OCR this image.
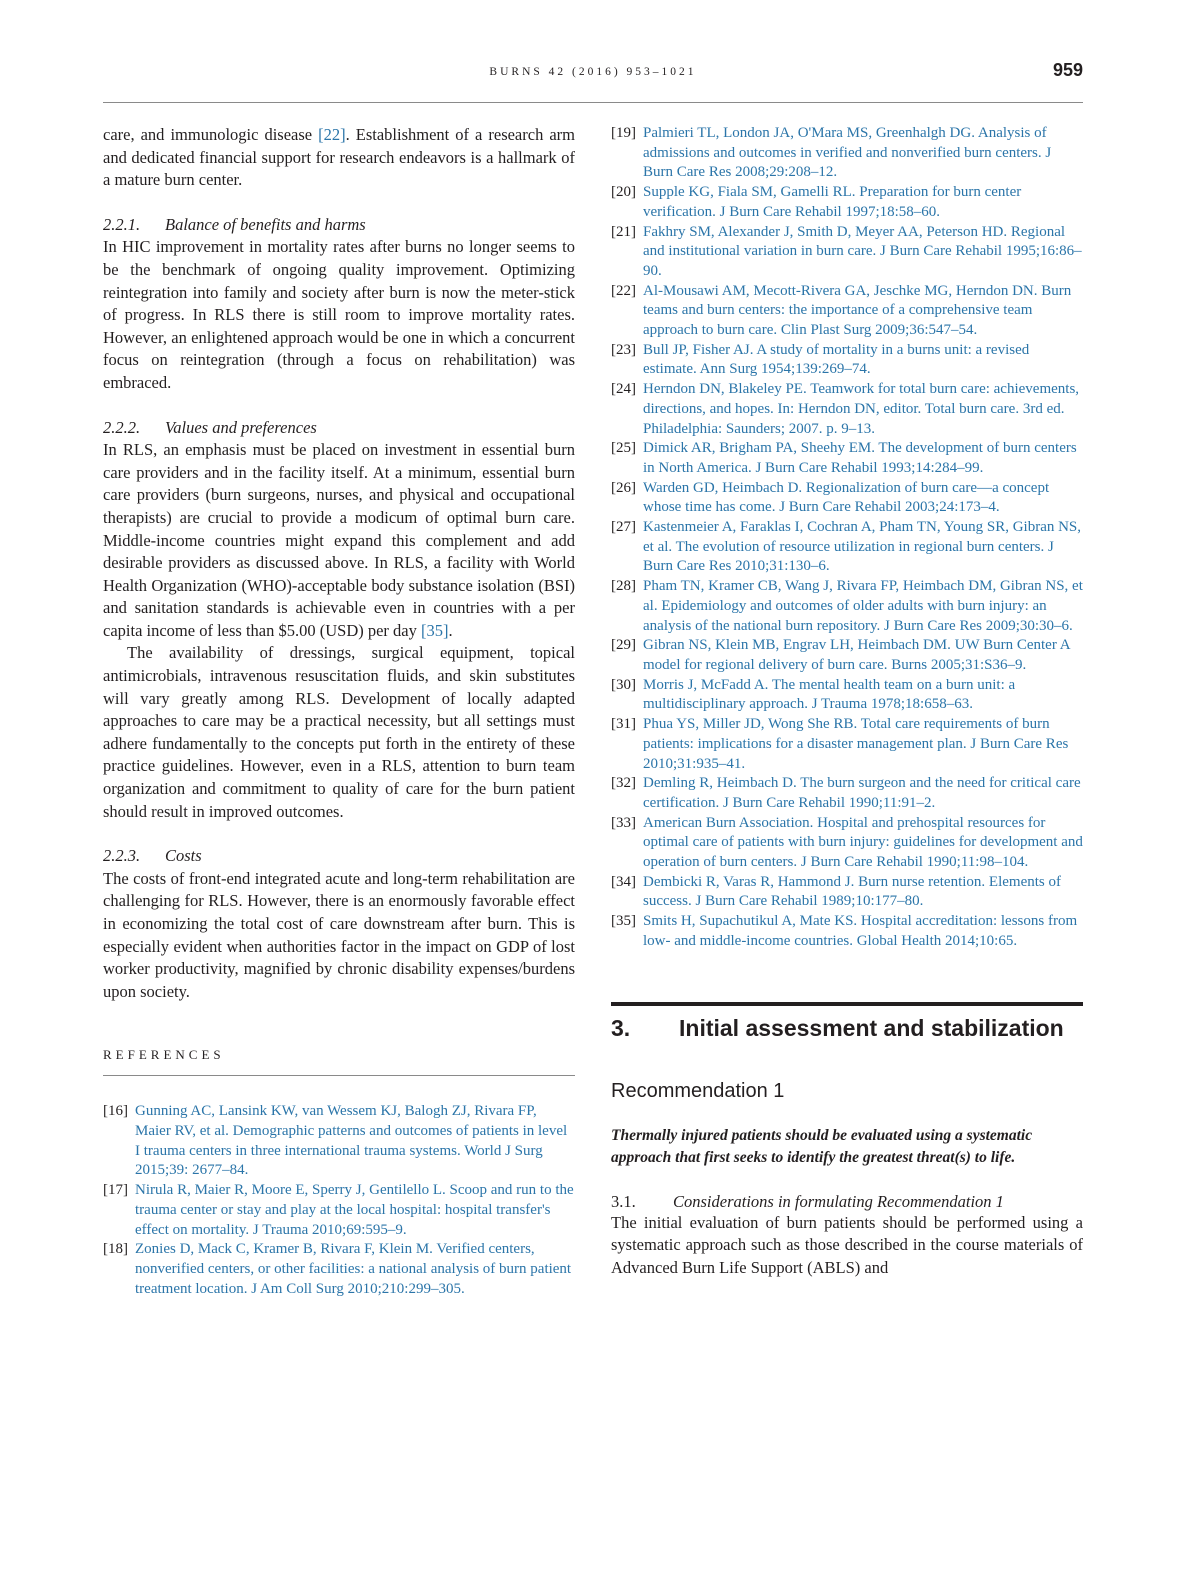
BURNS 42 (2016) 953–1021	959

care, and immunologic disease [22]. Establishment of a research arm and dedicated financial support for research endeavors is a hallmark of a mature burn center.

2.2.1. Balance of benefits and harms

In HIC improvement in mortality rates after burns no longer seems to be the benchmark of ongoing quality improvement. Optimizing reintegration into family and society after burn is now the meter-stick of progress. In RLS there is still room to improve mortality rates. However, an enlightened approach would be one in which a concurrent focus on reintegration (through a focus on rehabilitation) was embraced.

2.2.2. Values and preferences

In RLS, an emphasis must be placed on investment in essential burn care providers and in the facility itself. At a minimum, essential burn care providers (burn surgeons, nurses, and physical and occupational therapists) are crucial to provide a modicum of optimal burn care. Middle-income countries might expand this complement and add desirable providers as discussed above. In RLS, a facility with World Health Organization (WHO)-acceptable body substance isolation (BSI) and sanitation standards is achievable even in countries with a per capita income of less than $5.00 (USD) per day [35].

The availability of dressings, surgical equipment, topical antimicrobials, intravenous resuscitation fluids, and skin substitutes will vary greatly among RLS. Development of locally adapted approaches to care may be a practical necessity, but all settings must adhere fundamentally to the concepts put forth in the entirety of these practice guidelines. However, even in a RLS, attention to burn team organization and commitment to quality of care for the burn patient should result in improved outcomes.

2.2.3. Costs

The costs of front-end integrated acute and long-term rehabilitation are challenging for RLS. However, there is an enormously favorable effect in economizing the total cost of care downstream after burn. This is especially evident when authorities factor in the impact on GDP of lost worker productivity, magnified by chronic disability expenses/burdens upon society.

REFERENCES
[16] Gunning AC, Lansink KW, van Wessem KJ, Balogh ZJ, Rivara FP, Maier RV, et al. Demographic patterns and outcomes of patients in level I trauma centers in three international trauma systems. World J Surg 2015;39: 2677–84.
[17] Nirula R, Maier R, Moore E, Sperry J, Gentilello L. Scoop and run to the trauma center or stay and play at the local hospital: hospital transfer's effect on mortality. J Trauma 2010;69:595–9.
[18] Zonies D, Mack C, Kramer B, Rivara F, Klein M. Verified centers, nonverified centers, or other facilities: a national analysis of burn patient treatment location. J Am Coll Surg 2010;210:299–305.
[19] Palmieri TL, London JA, O'Mara MS, Greenhalgh DG. Analysis of admissions and outcomes in verified and nonverified burn centers. J Burn Care Res 2008;29:208–12.
[20] Supple KG, Fiala SM, Gamelli RL. Preparation for burn center verification. J Burn Care Rehabil 1997;18:58–60.
[21] Fakhry SM, Alexander J, Smith D, Meyer AA, Peterson HD. Regional and institutional variation in burn care. J Burn Care Rehabil 1995;16:86–90.
[22] Al-Mousawi AM, Mecott-Rivera GA, Jeschke MG, Herndon DN. Burn teams and burn centers: the importance of a comprehensive team approach to burn care. Clin Plast Surg 2009;36:547–54.
[23] Bull JP, Fisher AJ. A study of mortality in a burns unit: a revised estimate. Ann Surg 1954;139:269–74.
[24] Herndon DN, Blakeley PE. Teamwork for total burn care: achievements, directions, and hopes. In: Herndon DN, editor. Total burn care. 3rd ed. Philadelphia: Saunders; 2007. p. 9–13.
[25] Dimick AR, Brigham PA, Sheehy EM. The development of burn centers in North America. J Burn Care Rehabil 1993;14:284–99.
[26] Warden GD, Heimbach D. Regionalization of burn care—a concept whose time has come. J Burn Care Rehabil 2003;24:173–4.
[27] Kastenmeier A, Faraklas I, Cochran A, Pham TN, Young SR, Gibran NS, et al. The evolution of resource utilization in regional burn centers. J Burn Care Res 2010;31:130–6.
[28] Pham TN, Kramer CB, Wang J, Rivara FP, Heimbach DM, Gibran NS, et al. Epidemiology and outcomes of older adults with burn injury: an analysis of the national burn repository. J Burn Care Res 2009;30:30–6.
[29] Gibran NS, Klein MB, Engrav LH, Heimbach DM. UW Burn Center A model for regional delivery of burn care. Burns 2005;31:S36–9.
[30] Morris J, McFadd A. The mental health team on a burn unit: a multidisciplinary approach. J Trauma 1978;18:658–63.
[31] Phua YS, Miller JD, Wong She RB. Total care requirements of burn patients: implications for a disaster management plan. J Burn Care Res 2010;31:935–41.
[32] Demling R, Heimbach D. The burn surgeon and the need for critical care certification. J Burn Care Rehabil 1990;11:91–2.
[33] American Burn Association. Hospital and prehospital resources for optimal care of patients with burn injury: guidelines for development and operation of burn centers. J Burn Care Rehabil 1990;11:98–104.
[34] Dembicki R, Varas R, Hammond J. Burn nurse retention. Elements of success. J Burn Care Rehabil 1989;10:177–80.
[35] Smits H, Supachutikul A, Mate KS. Hospital accreditation: lessons from low- and middle-income countries. Global Health 2014;10:65.
3. Initial assessment and stabilization
Recommendation 1
Thermally injured patients should be evaluated using a systematic approach that first seeks to identify the greatest threat(s) to life.
3.1. Considerations in formulating Recommendation 1

The initial evaluation of burn patients should be performed using a systematic approach such as those described in the course materials of Advanced Burn Life Support (ABLS) and
